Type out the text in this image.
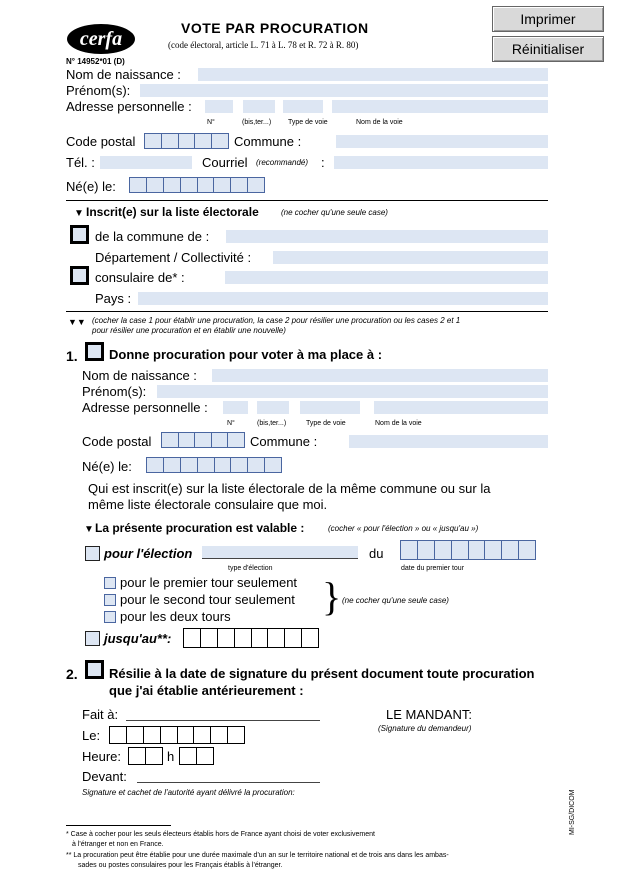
cerfa
N° 14952*01 (D)
VOTE PAR PROCURATION
(code électoral, article L. 71 à L. 78 et R. 72 à R. 80)
Imprimer
Réinitialiser
Nom de naissance :
Prénom(s):
Adresse personnelle :
N°	(bis,ter...) Type de voie	Nom de la voie
Code postal	Commune :
Tél. :	Courriel (recommandé) :
Né(e) le:
▼ Inscrit(e) sur la liste électorale	(ne cocher qu'une seule case)
de la commune de :
Département / Collectivité :
consulaire de* :
Pays :
▼▼ (cocher la case 1 pour établir une procuration, la case 2 pour résilier une procuration ou les cases 2 et 1
pour résilier une procuration et en établir une nouvelle)
1. Donne procuration pour voter à ma place à :
Nom de naissance :
Prénom(s):
Adresse personnelle :
N°	(bis,ter...)	Type de voie	Nom de la voie
Code postal	Commune :
Né(e) le:
Qui est inscrit(e) sur la liste électorale de la même commune ou sur la
même liste électorale consulaire que moi.
▼ La présente procuration est valable :	(cocher « pour l'élection » ou « jusqu'au »)
pour l'élection	du
type d'élection	date du premier tour
pour le premier tour seulement
pour le second tour seulement
pour les deux tours } (ne cocher qu'une seule case)
jusqu'au**:
2. Résilie à la date de signature du présent document toute procuration
que j'ai établie antérieurement :
Fait à:
Le:
Heure:	h
Devant:
LE MANDANT:
(Signature du demandeur)
Signature et cachet de l'autorité ayant délivré la procuration:
* Case à cocher pour les seuls électeurs établis hors de France ayant choisi de voter exclusivement
à l'étranger et non en France.
** La procuration peut être établie pour une durée maximale d'un an sur le territoire national et de trois ans dans les ambas-
sades ou postes consulaires pour les Français établis à l'étranger.
MI-SG/DICOM
